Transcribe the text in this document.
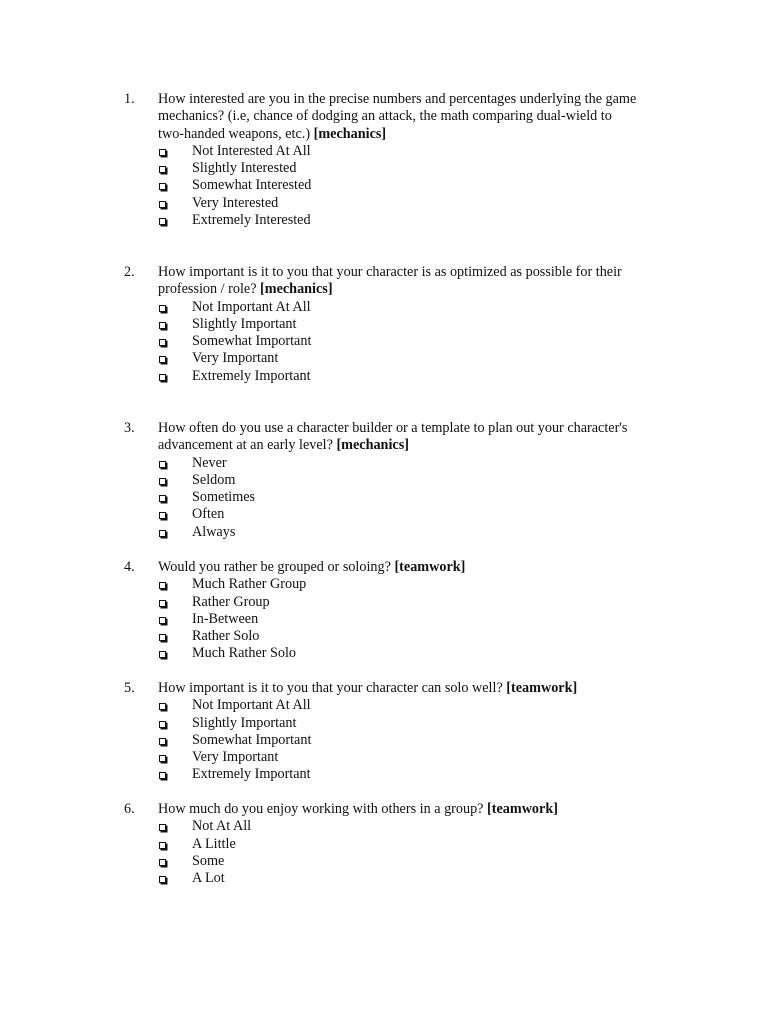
1.	How interested are you in the precise numbers and percentages underlying the game mechanics? (i.e, chance of dodging an attack, the math comparing dual-wield to two-handed weapons, etc.) [mechanics]
Not Interested At All
Slightly Interested
Somewhat Interested
Very Interested
Extremely Interested
2.	How important is it to you that your character is as optimized as possible for their profession / role? [mechanics]
Not Important At All
Slightly Important
Somewhat Important
Very Important
Extremely Important
3.	How often do you use a character builder or a template to plan out your character's advancement at an early level? [mechanics]
Never
Seldom
Sometimes
Often
Always
4.	Would you rather be grouped or soloing? [teamwork]
Much Rather Group
Rather Group
In-Between
Rather Solo
Much Rather Solo
5.	How important is it to you that your character can solo well? [teamwork]
Not Important At All
Slightly Important
Somewhat Important
Very Important
Extremely Important
6.	How much do you enjoy working with others in a group? [teamwork]
Not At All
A Little
Some
A Lot
